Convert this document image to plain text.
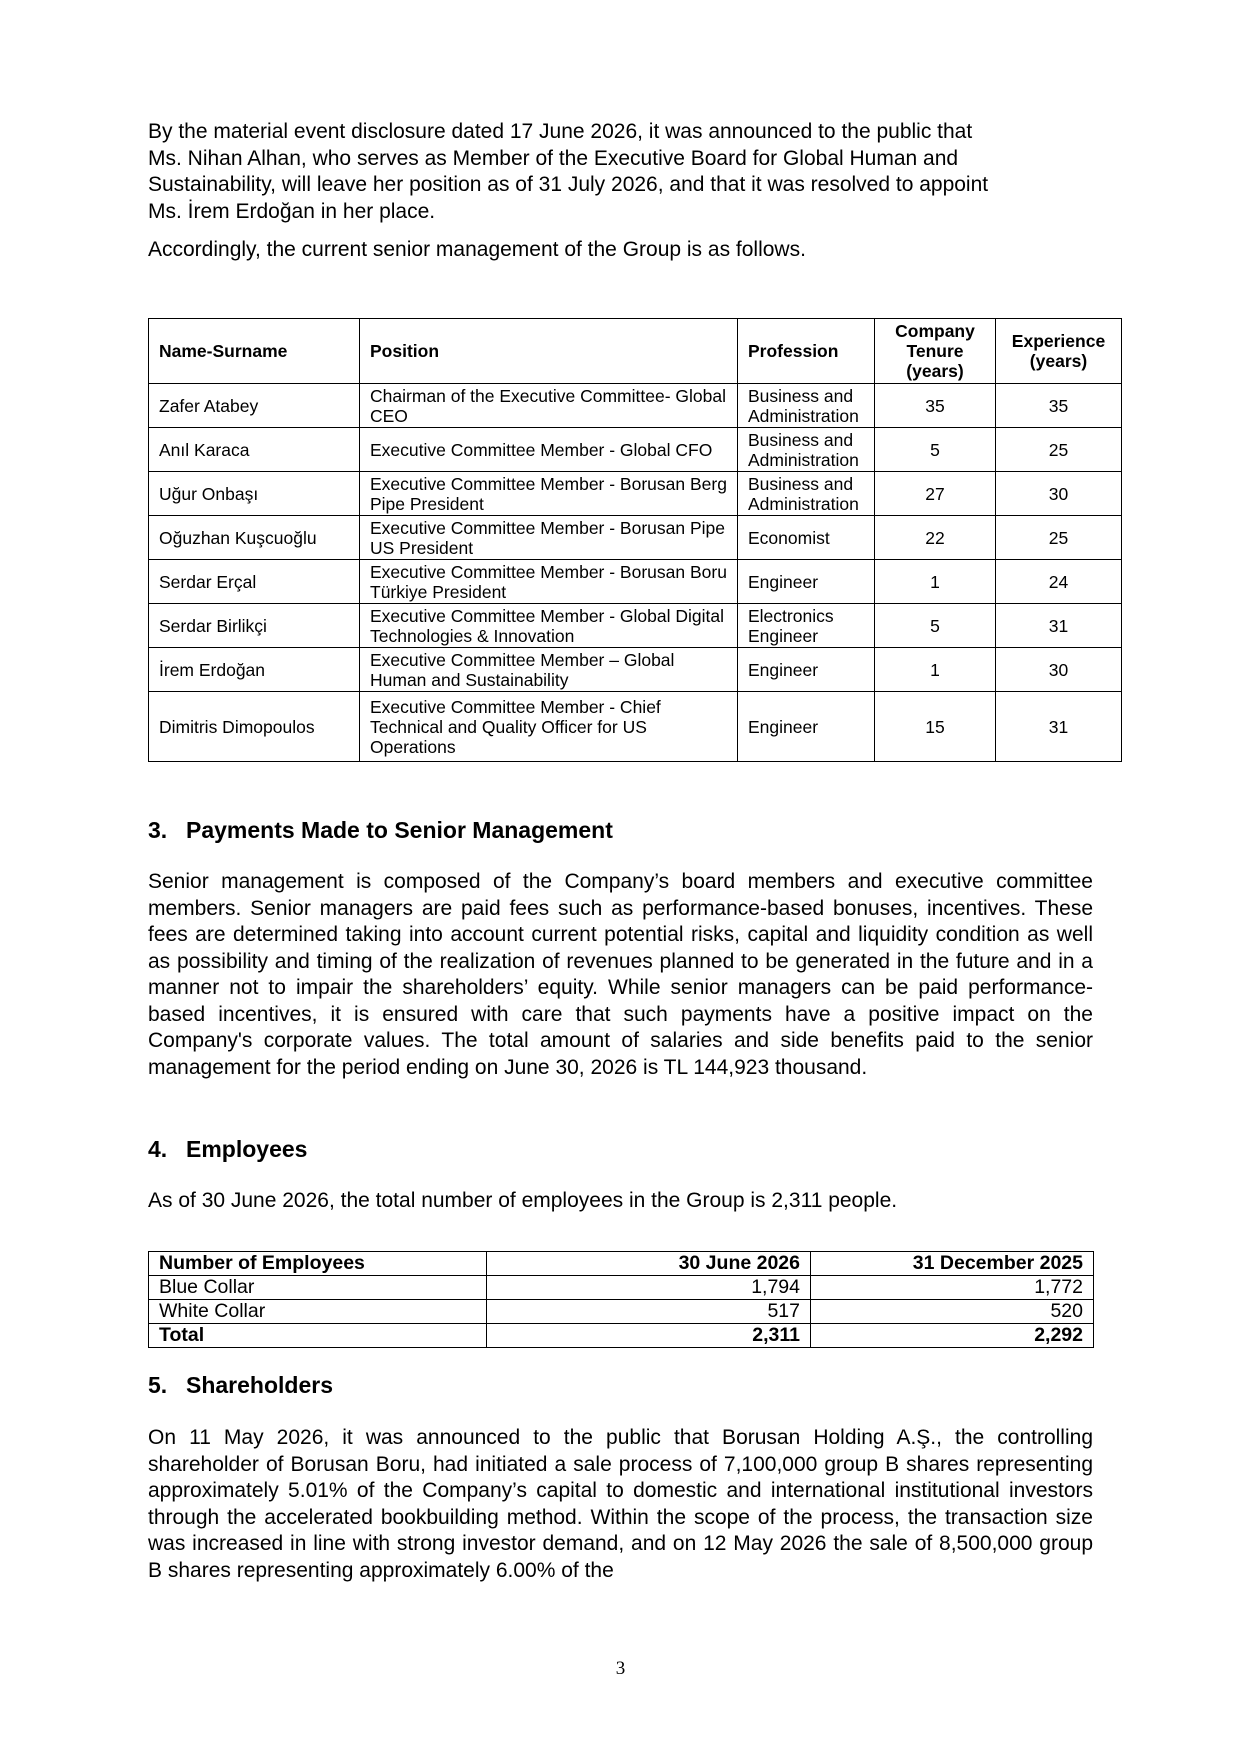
By the material event disclosure dated 17 June 2026, it was announced to the public that Ms. Nihan Alhan, who serves as Member of the Executive Board for Global Human and Sustainability, will leave her position as of 31 July 2026, and that it was resolved to appoint Ms. İrem Erdoğan in her place.

Accordingly, the current senior management of the Group is as follows.

Name-Surname	Position	Profession	Company Tenure (years)	Experience (years)
Zafer Atabey	Chairman of the Executive Committee- Global CEO	Business and Administration	35	35
Anıl Karaca	Executive Committee Member - Global CFO	Business and Administration	5	25
Uğur Onbaşı	Executive Committee Member - Borusan Berg Pipe President	Business and Administration	27	30
Oğuzhan Kuşcuoğlu	Executive Committee Member - Borusan Pipe US President	Economist	22	25
Serdar Erçal	Executive Committee Member - Borusan Boru Türkiye President	Engineer	1	24
Serdar Birlikçi	Executive Committee Member - Global Digital Technologies & Innovation	Electronics Engineer	5	31
İrem Erdoğan	Executive Committee Member – Global Human and Sustainability	Engineer	1	30
Dimitris Dimopoulos	Executive Committee Member - Chief Technical and Quality Officer for US Operations	Engineer	15	31
3. Payments Made to Senior Management

Senior management is composed of the Company’s board members and executive committee members. Senior managers are paid fees such as performance-based bonuses, incentives. These fees are determined taking into account current potential risks, capital and liquidity condition as well as possibility and timing of the realization of revenues planned to be generated in the future and in a manner not to impair the shareholders’ equity. While senior managers can be paid performance-based incentives, it is ensured with care that such payments have a positive impact on the Company's corporate values. The total amount of salaries and side benefits paid to the senior management for the period ending on June 30, 2026 is TL 144,923 thousand.

4. Employees

As of 30 June 2026, the total number of employees in the Group is 2,311 people.

Number of Employees	30 June 2026	31 December 2025
Blue Collar	1,794	1,772
White Collar	517	520
Total	2,311	2,292
5. Shareholders

On 11 May 2026, it was announced to the public that Borusan Holding A.Ş., the controlling shareholder of Borusan Boru, had initiated a sale process of 7,100,000 group B shares representing approximately 5.01% of the Company’s capital to domestic and international institutional investors through the accelerated bookbuilding method. Within the scope of the process, the transaction size was increased in line with strong investor demand, and on 12 May 2026 the sale of 8,500,000 group B shares representing approximately 6.00% of the

3
